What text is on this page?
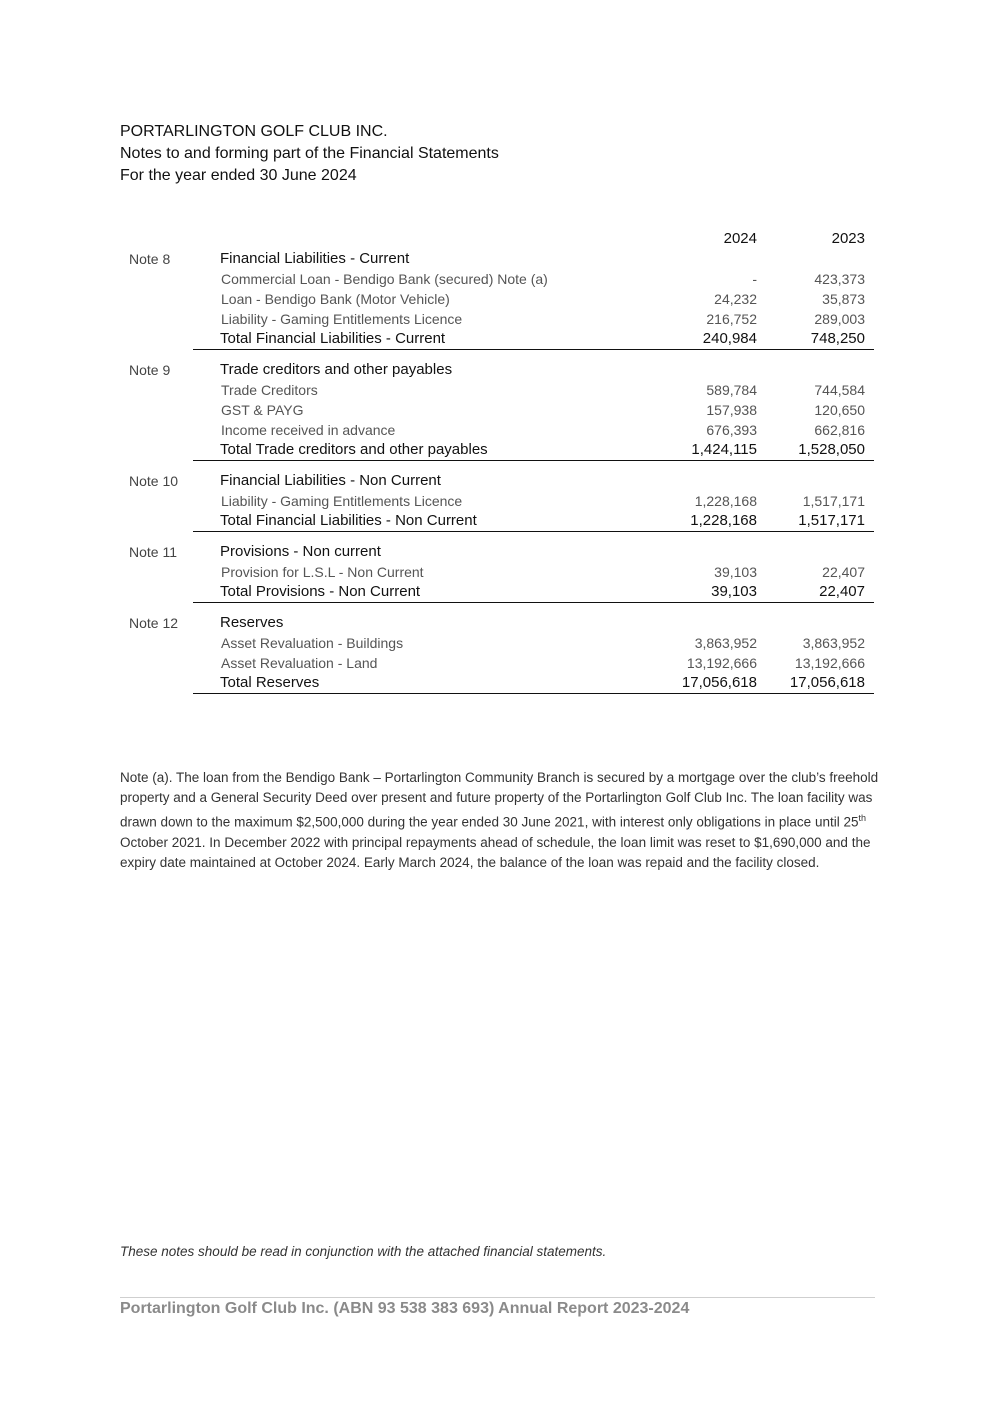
PORTARLINGTON GOLF CLUB INC.
Notes to and forming part of the Financial Statements
For the year ended 30 June 2024
2024	2023
Note 8	Financial Liabilities - Current
Commercial Loan - Bendigo Bank (secured) Note (a)	-	423,373
Loan - Bendigo Bank (Motor Vehicle)	24,232	35,873
Liability - Gaming Entitlements Licence	216,752	289,003
Total Financial Liabilities - Current	240,984	748,250
Note 9	Trade creditors and other payables
Trade Creditors	589,784	744,584
GST & PAYG	157,938	120,650
Income received in advance	676,393	662,816
Total Trade creditors and other payables	1,424,115	1,528,050
Note 10	Financial Liabilities - Non Current
Liability - Gaming Entitlements Licence	1,228,168	1,517,171
Total Financial Liabilities - Non Current	1,228,168	1,517,171
Note 11	Provisions - Non current
Provision for L.S.L - Non Current	39,103	22,407
Total Provisions - Non Current	39,103	22,407
Note 12	Reserves
Asset Revaluation - Buildings	3,863,952	3,863,952
Asset Revaluation - Land	13,192,666	13,192,666
Total Reserves	17,056,618	17,056,618
Note (a). The loan from the Bendigo Bank – Portarlington Community Branch is secured by a mortgage over the club’s freehold property and a General Security Deed over present and future property of the Portarlington Golf Club Inc. The loan facility was drawn down to the maximum $2,500,000 during the year ended 30 June 2021, with interest only obligations in place until 25th October 2021. In December 2022 with principal repayments ahead of schedule, the loan limit was reset to $1,690,000 and the expiry date maintained at October 2024. Early March 2024, the balance of the loan was repaid and the facility closed.
These notes should be read in conjunction with the attached financial statements.
Portarlington Golf Club Inc. (ABN 93 538 383 693) Annual Report 2023-2024
